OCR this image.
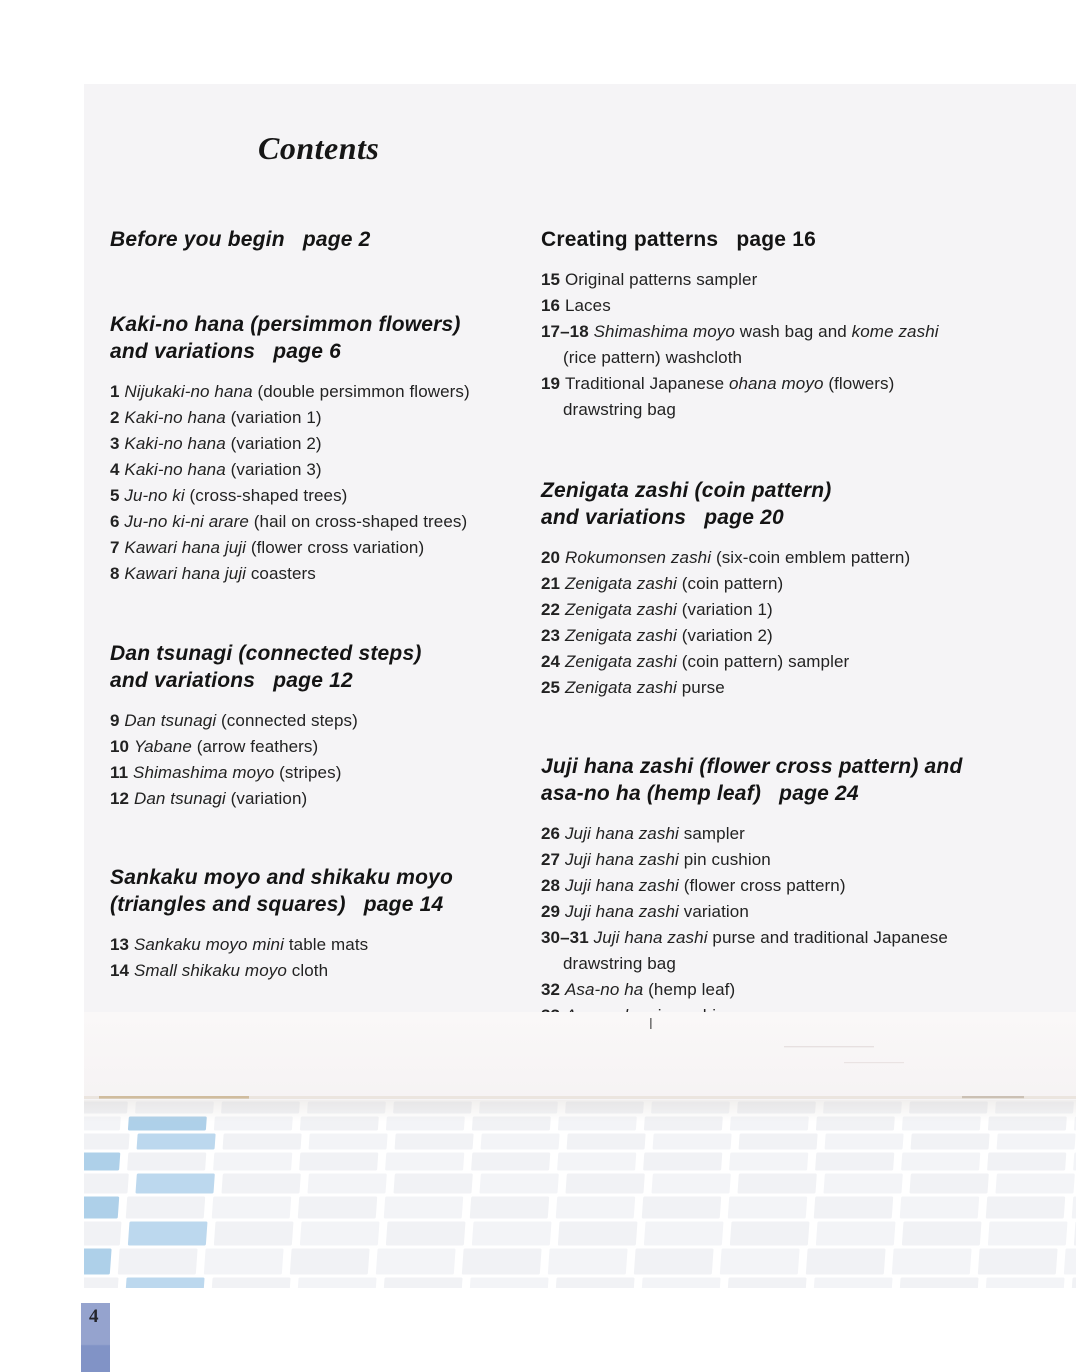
Contents
Before you begin   page 2
Kaki-no hana (persimmon flowers)
and variations   page 6

1 Nijukaki-no hana (double persimmon flowers)

2 Kaki-no hana (variation 1)

3 Kaki-no hana (variation 2)

4 Kaki-no hana (variation 3)

5 Ju-no ki (cross-shaped trees)

6 Ju-no ki-ni arare (hail on cross-shaped trees)

7 Kawari hana juji (flower cross variation)

8 Kawari hana juji coasters

Dan tsunagi (connected steps)
and variations   page 12

9 Dan tsunagi (connected steps)

10 Yabane (arrow feathers)

11 Shimashima moyo (stripes)

12 Dan tsunagi (variation)

Sankaku moyo and shikaku moyo
(triangles and squares)   page 14

13 Sankaku moyo mini table mats

14 Small shikaku moyo cloth

Creating patterns   page 16

15 Original patterns sampler

16 Laces

17–18 Shimashima moyo wash bag and kome zashi

(rice pattern) washcloth

19 Traditional Japanese ohana moyo (flowers)

drawstring bag

Zenigata zashi (coin pattern)
and variations   page 20

20 Rokumonsen zashi (six-coin emblem pattern)

21 Zenigata zashi (coin pattern)

22 Zenigata zashi (variation 1)

23 Zenigata zashi (variation 2)

24 Zenigata zashi (coin pattern) sampler

25 Zenigata zashi purse

Juji hana zashi (flower cross pattern) and
asa-no ha (hemp leaf)   page 24

26 Juji hana zashi sampler

27 Juji hana zashi pin cushion

28 Juji hana zashi (flower cross pattern)

29 Juji hana zashi variation

30–31 Juji hana zashi purse and traditional Japanese

drawstring bag

32 Asa-no ha (hemp leaf)

4
